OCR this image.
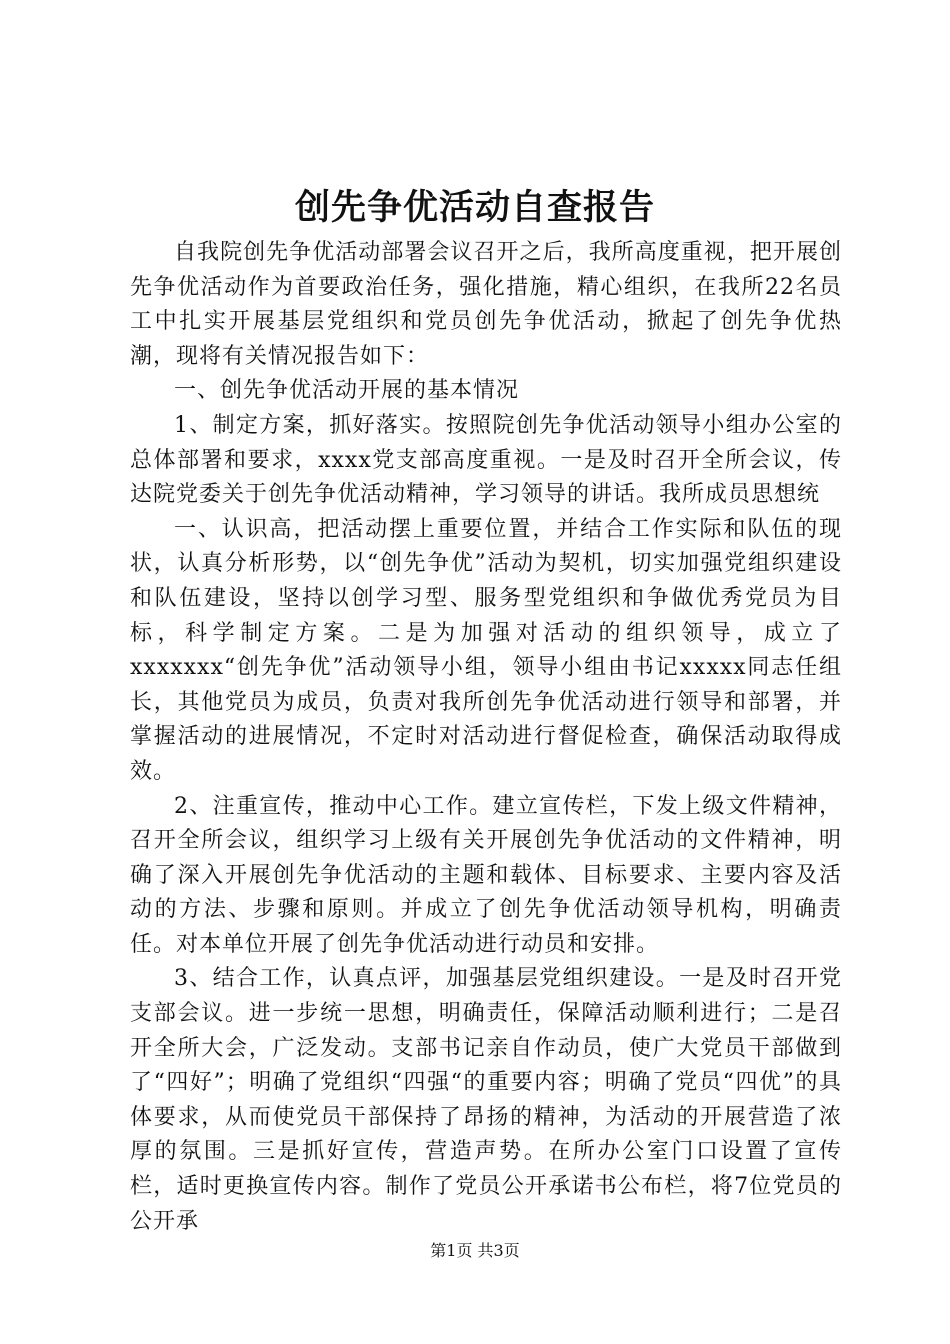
创先争优活动自查报告

自我院创先争优活动部署会议召开之后，我所高度重视，把开展创先争优活动作为首要政治任务，强化措施，精心组织，在我所22名员工中扎实开展基层党组织和党员创先争优活动，掀起了创先争优热潮，现将有关情况报告如下：

一、创先争优活动开展的基本情况

1、制定方案，抓好落实。按照院创先争优活动领导小组办公室的总体部署和要求，xxxx党支部高度重视。一是及时召开全所会议，传达院党委关于创先争优活动精神，学习领导的讲话。我所成员思想统

一、认识高，把活动摆上重要位置，并结合工作实际和队伍的现状，认真分析形势，以“创先争优”活动为契机，切实加强党组织建设和队伍建设，坚持以创学习型、服务型党组织和争做优秀党员为目标，科学制定方案。二是为加强对活动的组织领导，成立了xxxxxxx“创先争优”活动领导小组，领导小组由书记xxxxx同志任组长，其他党员为成员，负责对我所创先争优活动进行领导和部署，并掌握活动的进展情况，不定时对活动进行督促检查，确保活动取得成效。

2、注重宣传，推动中心工作。建立宣传栏，下发上级文件精神，召开全所会议，组织学习上级有关开展创先争优活动的文件精神，明确了深入开展创先争优活动的主题和载体、目标要求、主要内容及活动的方法、步骤和原则。并成立了创先争优活动领导机构，明确责任。对本单位开展了创先争优活动进行动员和安排。

3、结合工作，认真点评，加强基层党组织建设。一是及时召开党支部会议。进一步统一思想，明确责任，保障活动顺利进行；二是召开全所大会，广泛发动。支部书记亲自作动员，使广大党员干部做到了“四好”；明确了党组织“四强“的重要内容；明确了党员“四优”的具体要求，从而使党员干部保持了昂扬的精神，为活动的开展营造了浓厚的氛围。三是抓好宣传，营造声势。在所办公室门口设置了宣传栏，适时更换宣传内容。制作了党员公开承诺书公布栏，将7位党员的公开承

第1页 共3页
